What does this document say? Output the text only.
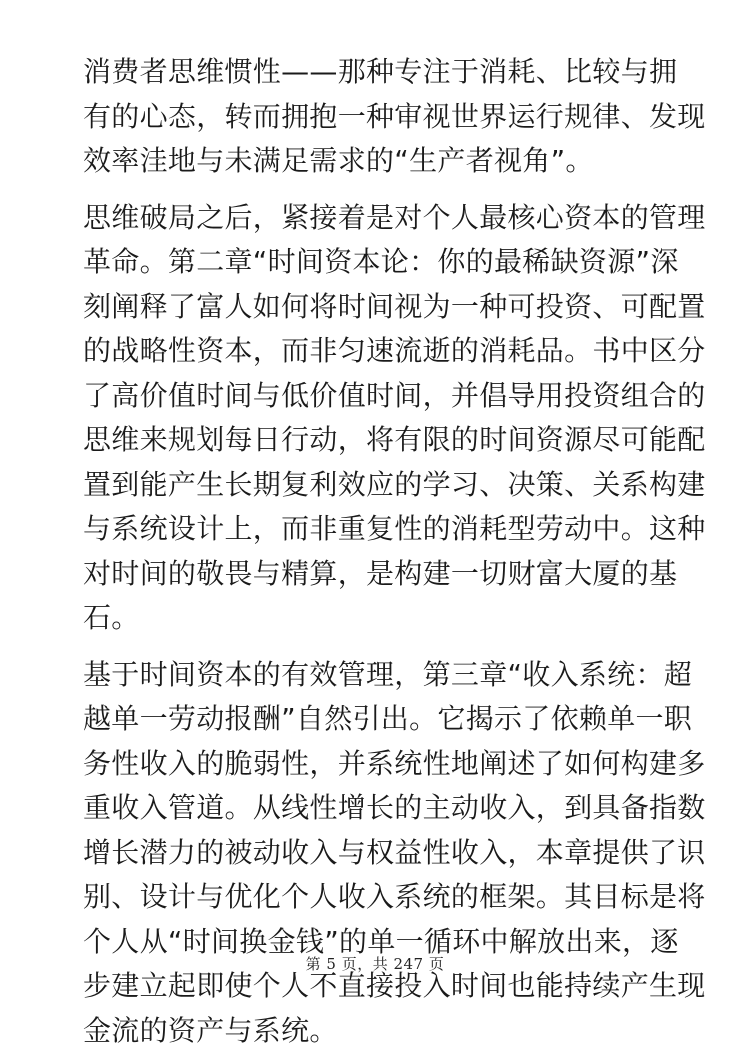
消费者思维惯性——那种专注于消耗、比较与拥
有的心态，转而拥抱一种审视世界运行规律、发现
效率洼地与未满足需求的“生产者视角”。
思维破局之后，紧接着是对个人最核心资本的管理
革命。第二章“时间资本论：你的最稀缺资源”深
刻阐释了富人如何将时间视为一种可投资、可配置
的战略性资本，而非匀速流逝的消耗品。书中区分
了高价值时间与低价值时间，并倡导用投资组合的
思维来规划每日行动，将有限的时间资源尽可能配
置到能产生长期复利效应的学习、决策、关系构建
与系统设计上，而非重复性的消耗型劳动中。这种
对时间的敬畏与精算，是构建一切财富大厦的基
石。
基于时间资本的有效管理，第三章“收入系统：超
越单一劳动报酬”自然引出。它揭示了依赖单一职
务性收入的脆弱性，并系统性地阐述了如何构建多
重收入管道。从线性增长的主动收入，到具备指数
增长潜力的被动收入与权益性收入，本章提供了识
别、设计与优化个人收入系统的框架。其目标是将
个人从“时间换金钱”的单一循环中解放出来，逐
步建立起即使个人不直接投入时间也能持续产生现
金流的资产与系统。
第 5 页，共 247 页
